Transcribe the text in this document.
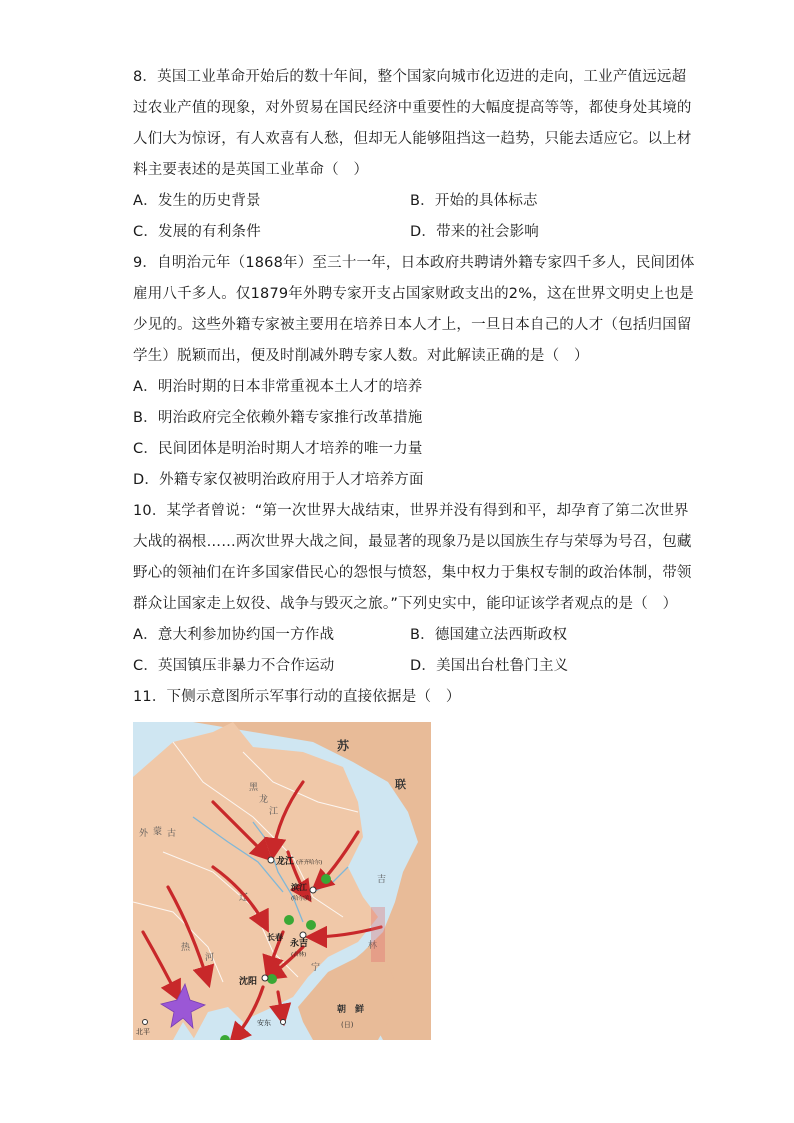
8．英国工业革命开始后的数十年间，整个国家向城市化迈进的走向，工业产值远远超
过农业产值的现象，对外贸易在国民经济中重要性的大幅度提高等等，都使身处其境的
人们大为惊讶，有人欢喜有人愁，但却无人能够阻挡这一趋势，只能去适应它。以上材
料主要表述的是英国工业革命（　）
A．发生的历史背景	B．开始的具体标志
C．发展的有利条件	D．带来的社会影响
9．自明治元年（1868年）至三十一年，日本政府共聘请外籍专家四千多人，民间团体
雇用八千多人。仅1879年外聘专家开支占国家财政支出的2%，这在世界文明史上也是
少见的。这些外籍专家被主要用在培养日本人才上，一旦日本自己的人才（包括归国留
学生）脱颖而出，便及时削减外聘专家人数。对此解读正确的是（　）
A．明治时期的日本非常重视本土人才的培养
B．明治政府完全依赖外籍专家推行改革措施
C．民间团体是明治时期人才培养的唯一力量
D．外籍专家仅被明治政府用于人才培养方面
10．某学者曾说：“第一次世界大战结束，世界并没有得到和平，却孕育了第二次世界
大战的祸根……两次世界大战之间，最显著的现象乃是以国族生存与荣辱为号召，包藏
野心的领袖们在许多国家借民心的怨恨与愤怒，集中权力于集权专制的政治体制，带领
群众让国家走上奴役、战争与毁灭之旅。”下列史实中，能印证该学者观点的是（　）
A．意大利参加协约国一方作战	B．德国建立法西斯政权
C．英国镇压非暴力不合作运动	D．美国出台杜鲁门主义
11．下侧示意图所示军事行动的直接依据是（　）
苏
联
黑
龙
江
外 蒙 古
吉
林
辽
宁
热
河
朝　鲜
(日)
龙江 (齐齐哈尔)
滨江
(哈尔滨)
长春
永吉
(吉林)
沈阳
安东
北平
